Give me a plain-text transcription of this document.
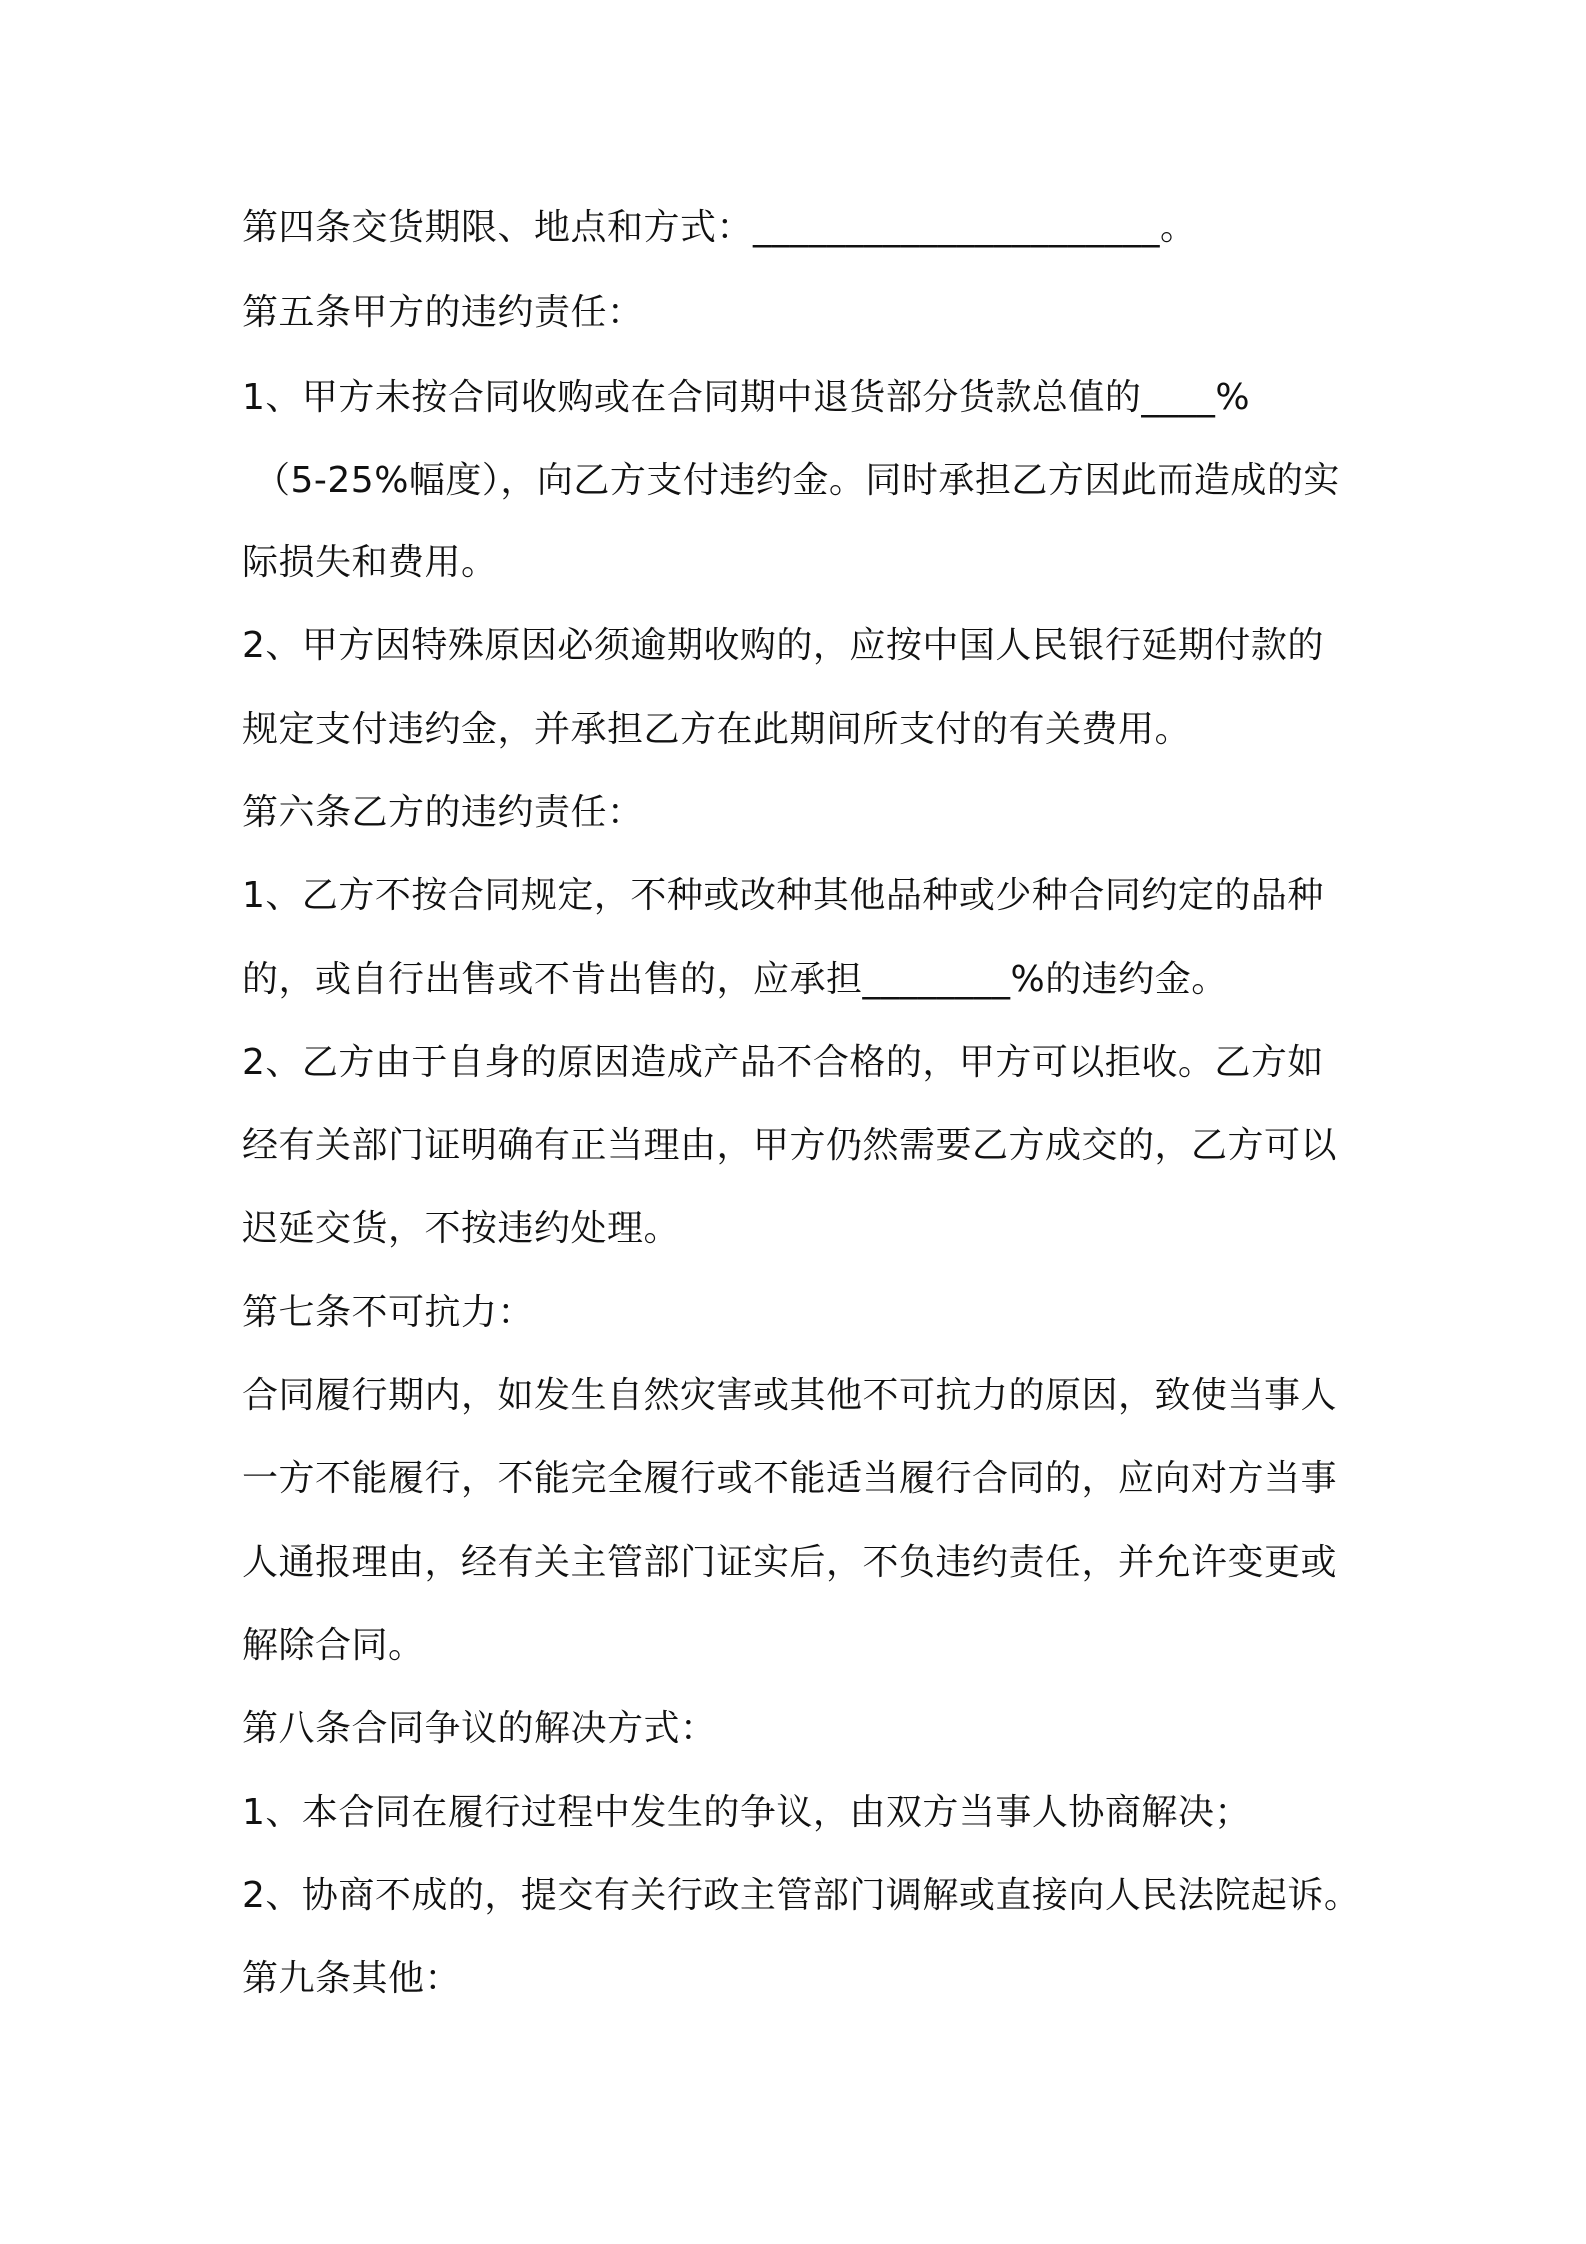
第四条交货期限、地点和方式：______________________。
第五条甲方的违约责任：
1、甲方未按合同收购或在合同期中退货部分货款总值的____%
（5-25%幅度），向乙方支付违约金。同时承担乙方因此而造成的实
际损失和费用。
2、甲方因特殊原因必须逾期收购的，应按中国人民银行延期付款的
规定支付违约金，并承担乙方在此期间所支付的有关费用。
第六条乙方的违约责任：
1、乙方不按合同规定，不种或改种其他品种或少种合同约定的品种
的，或自行出售或不肯出售的，应承担________%的违约金。
2、乙方由于自身的原因造成产品不合格的，甲方可以拒收。乙方如
经有关部门证明确有正当理由，甲方仍然需要乙方成交的，乙方可以
迟延交货，不按违约处理。
第七条不可抗力：
合同履行期内，如发生自然灾害或其他不可抗力的原因，致使当事人
一方不能履行，不能完全履行或不能适当履行合同的，应向对方当事
人通报理由，经有关主管部门证实后，不负违约责任，并允许变更或
解除合同。
第八条合同争议的解决方式：
1、本合同在履行过程中发生的争议，由双方当事人协商解决；
2、协商不成的，提交有关行政主管部门调解或直接向人民法院起诉。
第九条其他：
